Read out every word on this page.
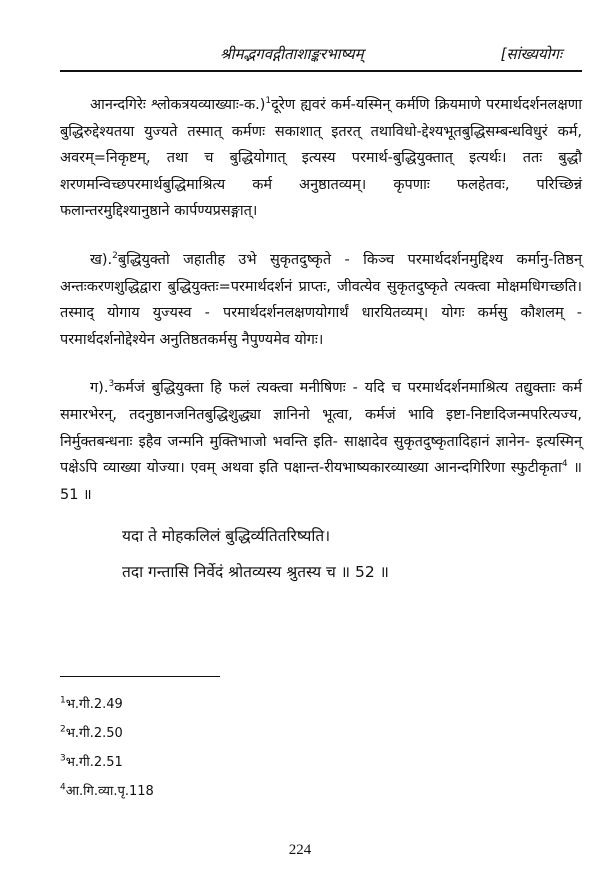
श्रीमद्भगवद्गीताशाङ्करभाष्यम्	[सांख्ययोगः

आनन्दगिरेः श्लोकत्रयव्याख्याः-क.)$^1$दूरेण ह्यवरं कर्म-यस्मिन् कर्मणि क्रियमाणे परमार्थदर्शनलक्षणा बुद्धिरुद्देश्यतया युज्यते तस्मात् कर्मणः सकाशात् इतरत् तथाविधो-द्देश्यभूतबुद्धिसम्बन्धविधुरं कर्म, अवरम्=निकृष्टम्, तथा च बुद्धियोगात् इत्यस्य परमार्थ-बुद्धियुक्तात् इत्यर्थः। ततः बुद्धौ शरणमन्विच्छपरमार्थबुद्धिमाश्रित्य कर्म अनुष्ठातव्यम्। कृपणाः फलहेतवः, परिच्छिन्नं फलान्तरमुद्दिश्यानुष्ठाने कार्पण्यप्रसङ्गात्।

ख).$^2$बुद्धियुक्तो जहातीह उभे सुकृतदुष्कृते - किञ्च परमार्थदर्शनमुद्दिश्य कर्मानु-तिष्ठन् अन्तःकरणशुद्धिद्वारा बुद्धियुक्तः=परमार्थदर्शनं प्राप्तः, जीवत्येव सुकृतदुष्कृते त्यक्त्वा मोक्षमधिगच्छति। तस्माद् योगाय युज्यस्व - परमार्थदर्शनलक्षणयोगार्थं धारयितव्यम्। योगः कर्मसु कौशलम् - परमार्थदर्शनोद्देश्येन अनुतिष्ठतकर्मसु नैपुण्यमेव योगः।

ग).$^3$कर्मजं बुद्धियुक्ता हि फलं त्यक्त्वा मनीषिणः - यदि च परमार्थदर्शनमाश्रित्य तद्युक्ताः कर्म समारभेरन्, तदनुष्ठानजनितबुद्धिशुद्ध्या ज्ञानिनो भूत्वा, कर्मजं भावि इष्टा-निष्टादिजन्मपरित्यज्य, निर्मुक्तबन्धनाः इहैव जन्मनि मुक्तिभाजो भवन्ति इति- साक्षादेव सुकृतदुष्कृतादिहानं ज्ञानेन- इत्यस्मिन् पक्षेऽपि व्याख्या योज्या। एवम् अथवा इति पक्षान्त-रीयभाष्यकारव्याख्या आनन्दगिरिणा स्फुटीकृता$^4$ ॥ 51 ॥

यदा ते मोहकलिलं बुद्धिर्व्यतितरिष्यति।
तदा गन्तासि निर्वेदं श्रोतव्यस्य श्रुतस्य च ॥ 52 ॥

$^1$भ.गी.2.49
$^2$भ.गी.2.50
$^3$भ.गी.2.51
$^4$आ.गि.व्या.पृ.118
224
